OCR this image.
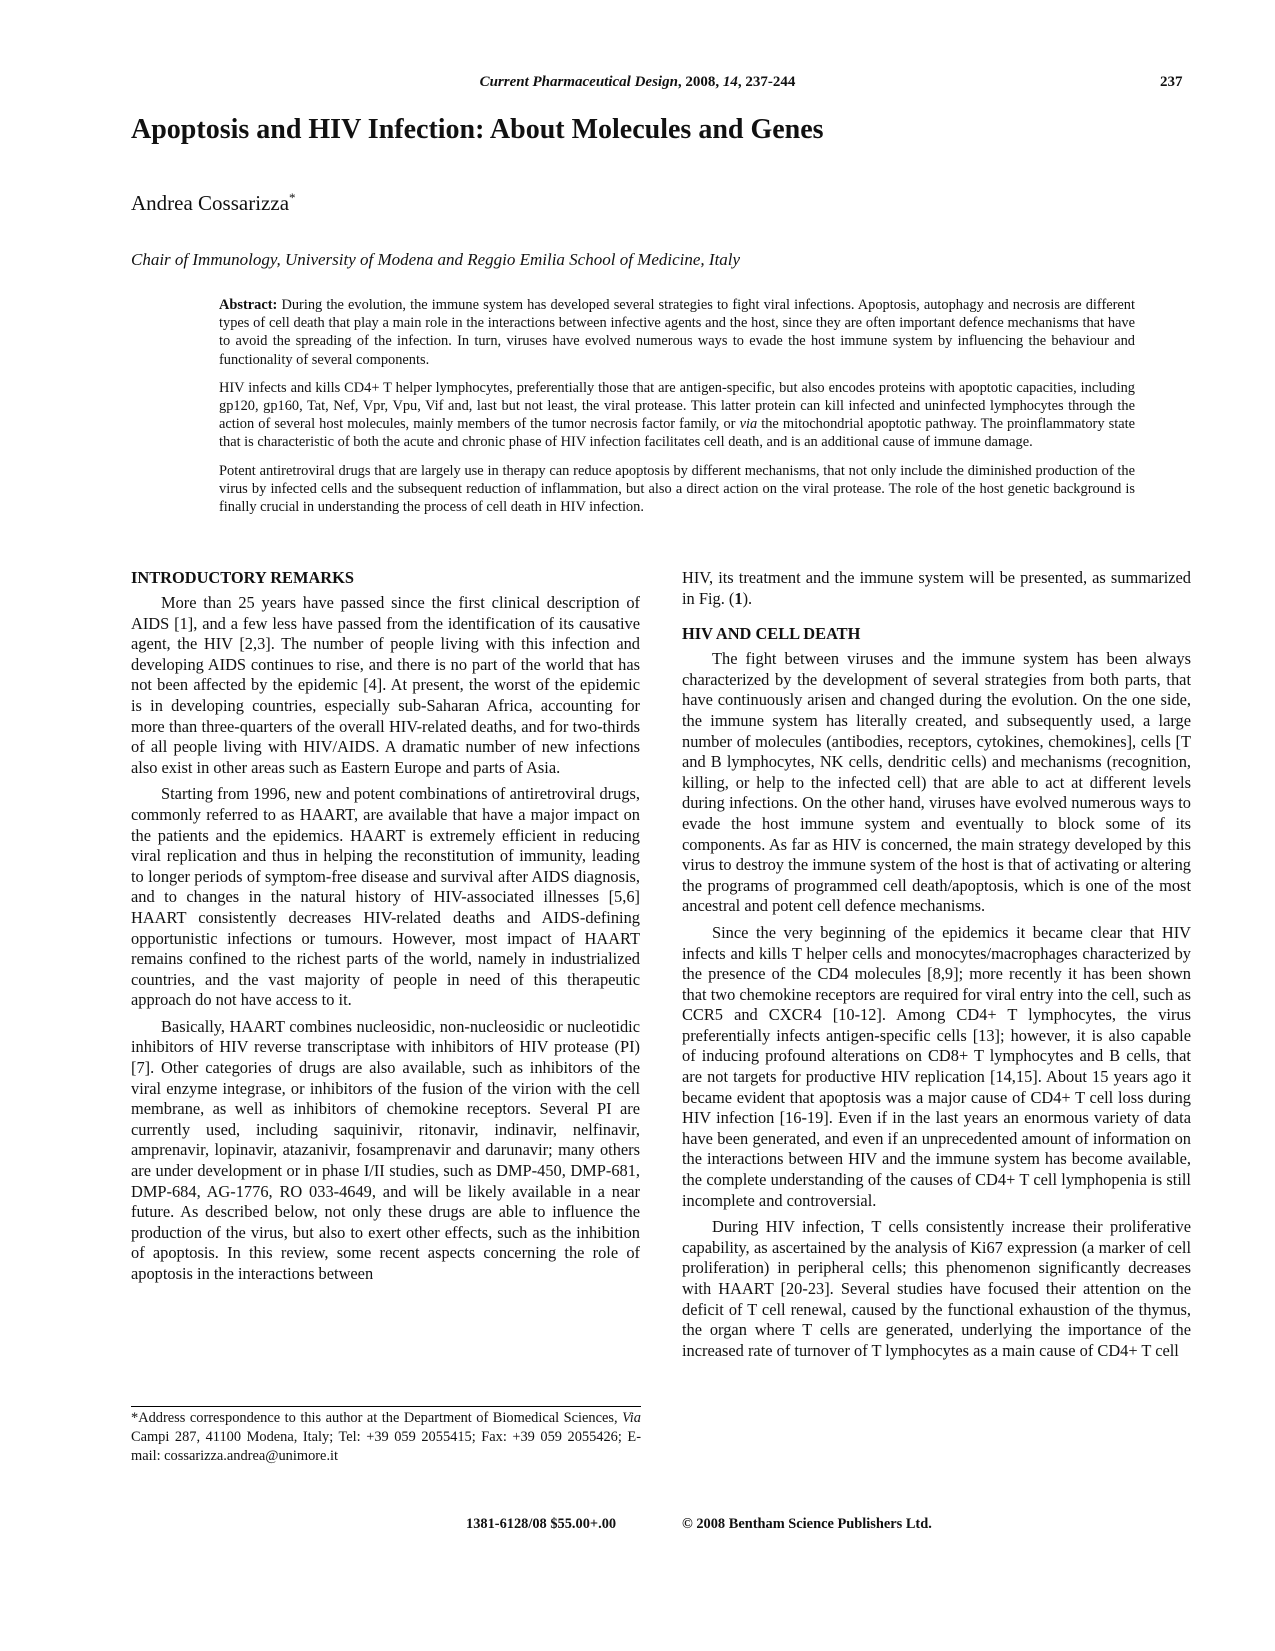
Current Pharmaceutical Design, 2008, 14, 237-244	237
Apoptosis and HIV Infection: About Molecules and Genes
Andrea Cossarizza*
Chair of Immunology, University of Modena and Reggio Emilia School of Medicine, Italy

Abstract: During the evolution, the immune system has developed several strategies to fight viral infections. Apoptosis, autophagy and necrosis are different types of cell death that play a main role in the interactions between infective agents and the host, since they are often important defence mechanisms that have to avoid the spreading of the infection. In turn, viruses have evolved numerous ways to evade the host immune system by influencing the behaviour and functionality of several components.

HIV infects and kills CD4+ T helper lymphocytes, preferentially those that are antigen-specific, but also encodes proteins with apoptotic capacities, including gp120, gp160, Tat, Nef, Vpr, Vpu, Vif and, last but not least, the viral protease. This latter protein can kill infected and uninfected lymphocytes through the action of several host molecules, mainly members of the tumor necrosis factor family, or via the mitochondrial apoptotic pathway. The proinflammatory state that is characteristic of both the acute and chronic phase of HIV infection facilitates cell death, and is an additional cause of immune damage.

Potent antiretroviral drugs that are largely use in therapy can reduce apoptosis by different mechanisms, that not only include the diminished production of the virus by infected cells and the subsequent reduction of inflammation, but also a direct action on the viral protease. The role of the host genetic background is finally crucial in understanding the process of cell death in HIV infection.

INTRODUCTORY REMARKS

More than 25 years have passed since the first clinical description of AIDS [1], and a few less have passed from the identification of its causative agent, the HIV [2,3]. The number of people living with this infection and developing AIDS continues to rise, and there is no part of the world that has not been affected by the epidemic [4]. At present, the worst of the epidemic is in developing countries, especially sub-Saharan Africa, accounting for more than three-quarters of the overall HIV-related deaths, and for two-thirds of all people living with HIV/AIDS. A dramatic number of new infections also exist in other areas such as Eastern Europe and parts of Asia.

Starting from 1996, new and potent combinations of antiretroviral drugs, commonly referred to as HAART, are available that have a major impact on the patients and the epidemics. HAART is extremely efficient in reducing viral replication and thus in helping the reconstitution of immunity, leading to longer periods of symptom-free disease and survival after AIDS diagnosis, and to changes in the natural history of HIV-associated illnesses [5,6] HAART consistently decreases HIV-related deaths and AIDS-defining opportunistic infections or tumours. However, most impact of HAART remains confined to the richest parts of the world, namely in industrialized countries, and the vast majority of people in need of this therapeutic approach do not have access to it.

Basically, HAART combines nucleosidic, non-nucleosidic or nucleotidic inhibitors of HIV reverse transcriptase with inhibitors of HIV protease (PI) [7]. Other categories of drugs are also available, such as inhibitors of the viral enzyme integrase, or inhibitors of the fusion of the virion with the cell membrane, as well as inhibitors of chemokine receptors. Several PI are currently used, including saquinivir, ritonavir, indinavir, nelfinavir, amprenavir, lopinavir, atazanivir, fosamprenavir and darunavir; many others are under development or in phase I/II studies, such as DMP-450, DMP-681, DMP-684, AG-1776, RO 033-4649, and will be likely available in a near future. As described below, not only these drugs are able to influence the production of the virus, but also to exert other effects, such as the inhibition of apoptosis. In this review, some recent aspects concerning the role of apoptosis in the interactions between

HIV, its treatment and the immune system will be presented, as summarized in Fig. (1).

HIV AND CELL DEATH

The fight between viruses and the immune system has been always characterized by the development of several strategies from both parts, that have continuously arisen and changed during the evolution. On the one side, the immune system has literally created, and subsequently used, a large number of molecules (antibodies, receptors, cytokines, chemokines], cells [T and B lymphocytes, NK cells, dendritic cells) and mechanisms (recognition, killing, or help to the infected cell) that are able to act at different levels during infections. On the other hand, viruses have evolved numerous ways to evade the host immune system and eventually to block some of its components. As far as HIV is concerned, the main strategy developed by this virus to destroy the immune system of the host is that of activating or altering the programs of programmed cell death/apoptosis, which is one of the most ancestral and potent cell defence mechanisms.

Since the very beginning of the epidemics it became clear that HIV infects and kills T helper cells and monocytes/macrophages characterized by the presence of the CD4 molecules [8,9]; more recently it has been shown that two chemokine receptors are required for viral entry into the cell, such as CCR5 and CXCR4 [10-12]. Among CD4+ T lymphocytes, the virus preferentially infects antigen-specific cells [13]; however, it is also capable of inducing profound alterations on CD8+ T lymphocytes and B cells, that are not targets for productive HIV replication [14,15]. About 15 years ago it became evident that apoptosis was a major cause of CD4+ T cell loss during HIV infection [16-19]. Even if in the last years an enormous variety of data have been generated, and even if an unprecedented amount of information on the interactions between HIV and the immune system has become available, the complete understanding of the causes of CD4+ T cell lymphopenia is still incomplete and controversial.

During HIV infection, T cells consistently increase their proliferative capability, as ascertained by the analysis of Ki67 expression (a marker of cell proliferation) in peripheral cells; this phenomenon significantly decreases with HAART [20-23]. Several studies have focused their attention on the deficit of T cell renewal, caused by the functional exhaustion of the thymus, the organ where T cells are generated, underlying the importance of the increased rate of turnover of T lymphocytes as a main cause of CD4+ T cell

*Address correspondence to this author at the Department of Biomedical Sciences, Via Campi 287, 41100 Modena, Italy; Tel: +39 059 2055415; Fax: +39 059 2055426; E-mail: cossarizza.andrea@unimore.it
1381-6128/08 $55.00+.00	© 2008 Bentham Science Publishers Ltd.
